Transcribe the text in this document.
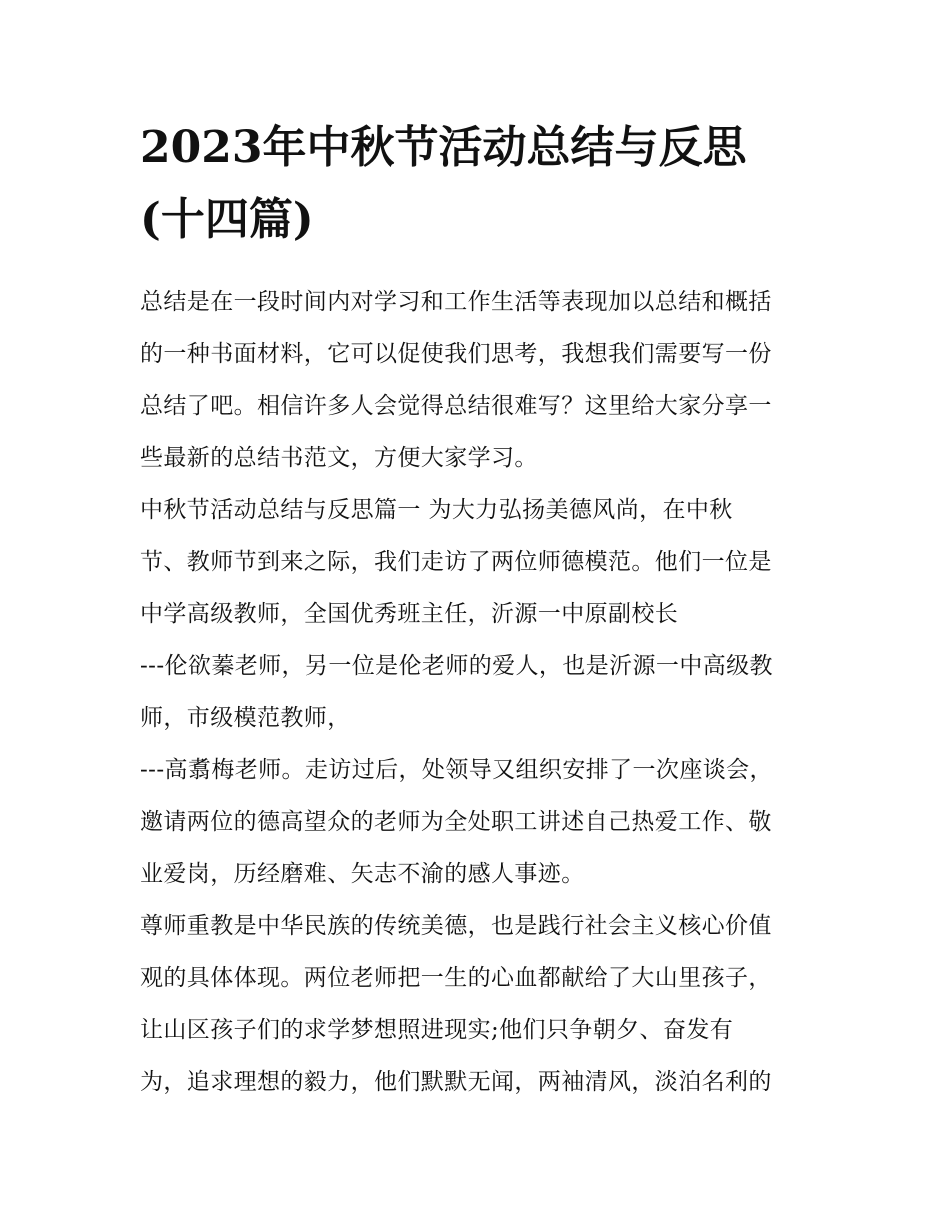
2023年中秋节活动总结与反思
(十四篇)
总结是在一段时间内对学习和工作生活等表现加以总结和概括
的一种书面材料，它可以促使我们思考，我想我们需要写一份
总结了吧。相信许多人会觉得总结很难写？这里给大家分享一
些最新的总结书范文，方便大家学习。
中秋节活动总结与反思篇一 为大力弘扬美德风尚，在中秋
节、教师节到来之际，我们走访了两位师德模范。他们一位是
中学高级教师，全国优秀班主任，沂源一中原副校长
---伦欲蓁老师，另一位是伦老师的爱人，也是沂源一中高级教
师，市级模范教师，
---高翥梅老师。走访过后，处领导又组织安排了一次座谈会，
邀请两位的德高望众的老师为全处职工讲述自己热爱工作、敬
业爱岗，历经磨难、矢志不渝的感人事迹。
尊师重教是中华民族的传统美德，也是践行社会主义核心价值
观的具体体现。两位老师把一生的心血都献给了大山里孩子，
让山区孩子们的求学梦想照进现实;他们只争朝夕、奋发有
为，追求理想的毅力，他们默默无闻，两袖清风，淡泊名利的
